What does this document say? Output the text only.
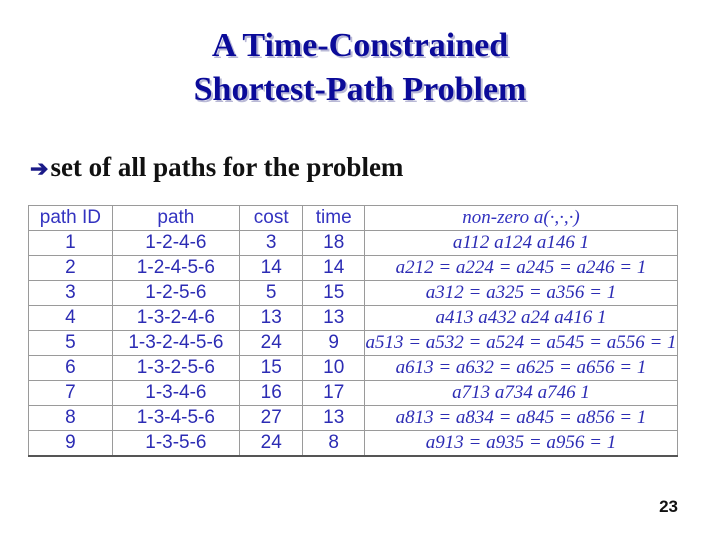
A Time-Constrained
Shortest-Path Problem
➔ set of all paths for the problem
path ID	path	cost	time	non-zero a(·,·,·)
1	1-2-4-6	3	18	a112 a124 a146 1
2	1-2-4-5-6	14	14	a212 = a224 = a245 = a246 = 1
3	1-2-5-6	5	15	a312 = a325 = a356 = 1
4	1-3-2-4-6	13	13	a413 a432 a24 a416 1
5	1-3-2-4-5-6	24	9	a513 = a532 = a524 = a545 = a556 = 1
6	1-3-2-5-6	15	10	a613 = a632 = a625 = a656 = 1
7	1-3-4-6	16	17	a713 a734 a746 1
8	1-3-4-5-6	27	13	a813 = a834 = a845 = a856 = 1
9	1-3-5-6	24	8	a913 = a935 = a956 = 1
23
